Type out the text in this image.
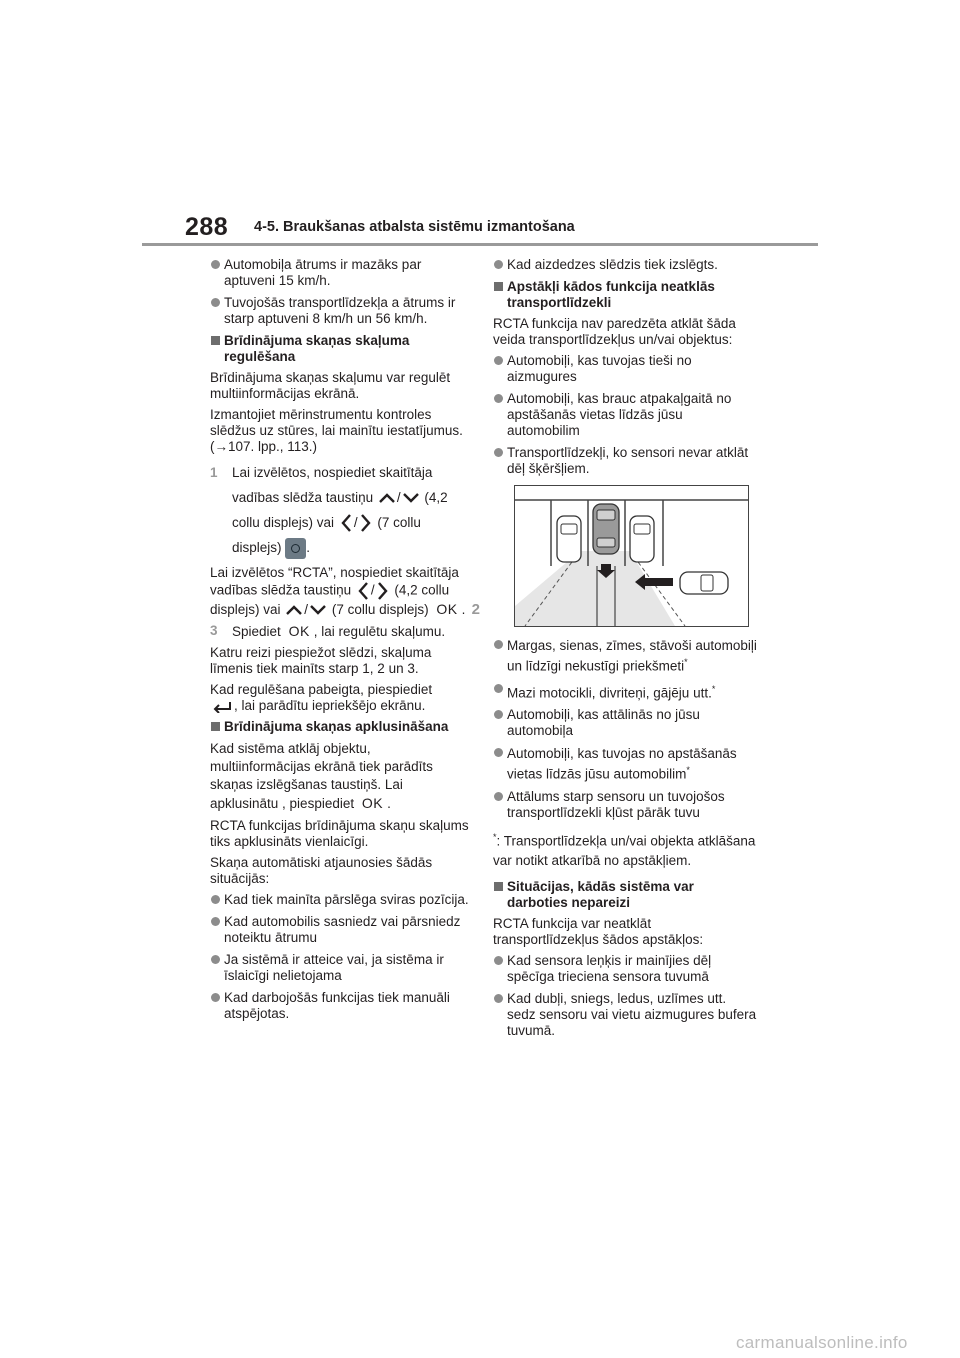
288 4-5. Braukšanas atbalsta sistēmu izmantošana
Automobiļa ātrums ir mazāks par aptuveni 15 km/h.
Tuvojošās transportlīdzekļa a ātrums ir starp aptuveni 8 km/h un 56 km/h.
Brīdinājuma skaņas skaļuma regulēšana

Brīdinājuma skaņas skaļumu var regulēt multiinformācijas ekrānā.

Izmantojiet mērinstrumentu kontroles slēdžus uz stūres, lai mainītu iestatījumus. (→107. lpp., 113.)

1 Lai izvēlētos, nospiediet skaitītāja vadības slēdža taustiņu / (4,2 collu displejs) vai / (7 collu displejs) .
Lai izvēlētos “RCTA”, nospiediet skaitītāja vadības slēdža taustiņu / (4,2 collu displejs) vai / (7 collu displejs) OK . 2
3 Spiediet OK , lai regulētu skaļumu.

Katru reizi piespiežot slēdzi, skaļuma līmenis tiek mainīts starp 1, 2 un 3.

Kad regulēšana pabeigta, piespiediet
, lai parādītu iepriekšējo ekrānu.

Brīdinājuma skaņas apklusināšana

Kad sistēma atklāj objektu, multiinformācijas ekrānā tiek parādīts skaņas izslēgšanas taustiņš. Lai apklusinātu , piespiediet OK .

RCTA funkcijas brīdinājuma skaņu skaļums tiks apklusināts vienlaicīgi.

Skaņa automātiski atjaunosies šādās situācijās:

Kad tiek mainīta pārslēga sviras pozīcija.
Kad automobilis sasniedz vai pārsniedz noteiktu ātrumu
Ja sistēmā ir atteice vai, ja sistēma ir īslaicīgi nelietojama
Kad darbojošās funkcijas tiek manuāli atspējotas.
Kad aizdedzes slēdzis tiek izslēgts.
Apstākļi kādos funkcija neatklās transportlīdzekli

RCTA funkcija nav paredzēta atklāt šāda veida transportlīdzekļus un/vai objektus:

Automobiļi, kas tuvojas tieši no aizmugures
Automobiļi, kas brauc atpakaļgaitā no apstāšanās vietas līdzās jūsu automobilim
Transportlīdzekļi, ko sensori nevar atklāt dēļ šķēršļiem.
Margas, sienas, zīmes, stāvoši automobiļi un līdzīgi nekustīgi priekšmeti*
Mazi motocikli, divriteņi, gājēju utt.*
Automobiļi, kas attālinās no jūsu automobiļa
Automobiļi, kas tuvojas no apstāšanās vietas līdzās jūsu automobilim*
Attālums starp sensoru un tuvojošos transportlīdzekli kļūst pārāk tuvu

*: Transportlīdzekļa un/vai objekta atklāšana var notikt atkarībā no apstākļiem.

Situācijas, kādās sistēma var darboties nepareizi

RCTA funkcija var neatklāt transportlīdzekļus šādos apstākļos:

Kad sensora leņķis ir mainījies dēļ spēcīga trieciena sensora tuvumā
Kad dubļi, sniegs, ledus, uzlīmes utt. sedz sensoru vai vietu aizmugures bufera tuvumā.
carmanualsonline.info
